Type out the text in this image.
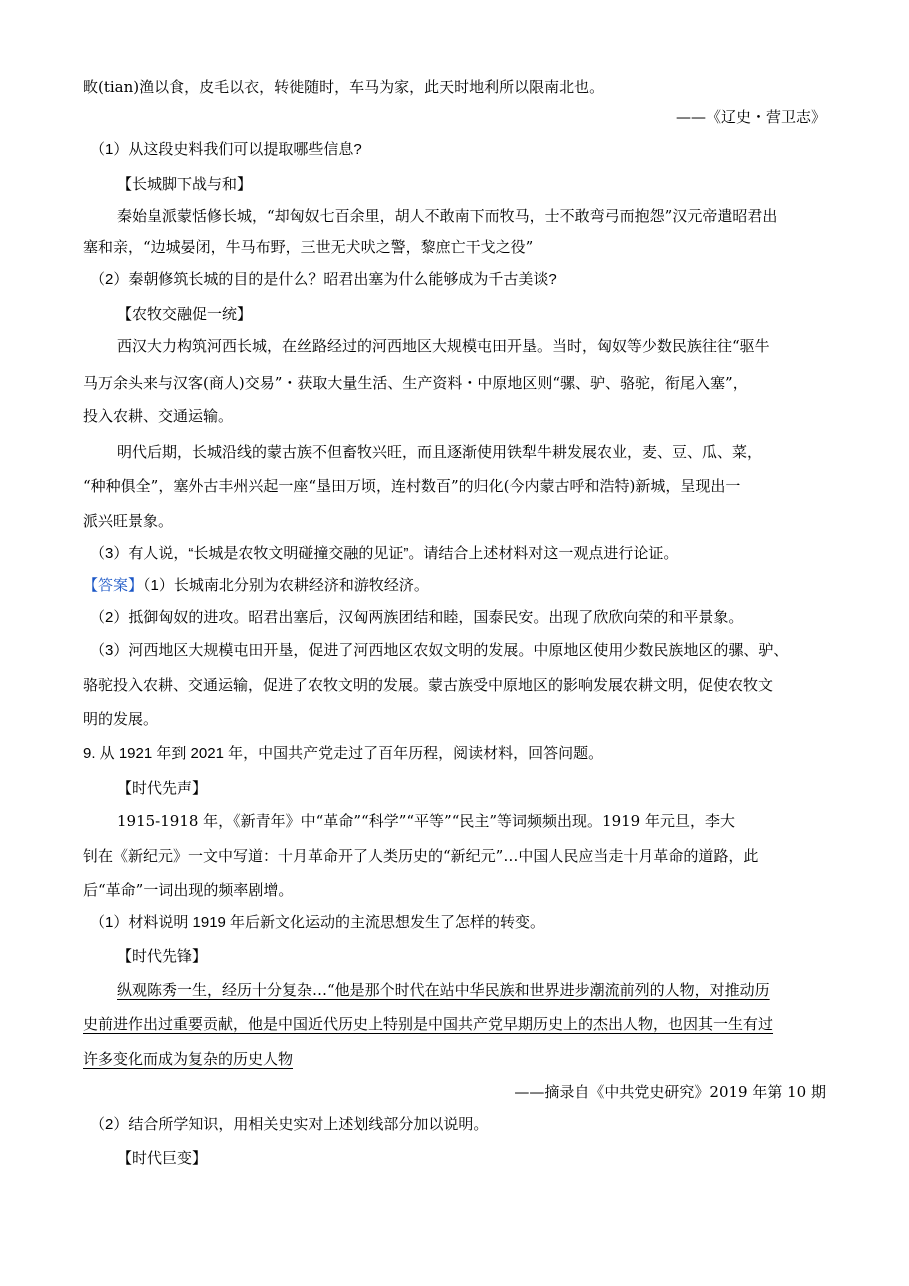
畋(tian)渔以食，皮毛以衣，转徙随时，车马为家，此天时地利所以限南北也。
——《辽史・营卫志》
（1）从这段史料我们可以提取哪些信息?
【长城脚下战与和】
秦始皇派蒙恬修长城，“却匈奴七百余里，胡人不敢南下而牧马，士不敢弯弓而抱怨”汉元帝遣昭君出
塞和亲，“边城晏闭，牛马布野，三世无犬吠之警，黎庶亡干戈之役”
（2）秦朝修筑长城的目的是什么？昭君出塞为什么能够成为千古美谈?
【农牧交融促一统】
西汉大力构筑河西长城，在丝路经过的河西地区大规模屯田开垦。当时，匈奴等少数民族往往“驱牛
马万余头来与汉客(商人)交易”・获取大量生活、生产资料・中原地区则“骡、驴、骆驼，衔尾入塞”，
投入农耕、交通运输。
明代后期，长城沿线的蒙古族不但畜牧兴旺，而且逐渐使用铁犁牛耕发展农业，麦、豆、瓜、菜，
“种种俱全”，塞外古丰州兴起一座“垦田万顷，连村数百”的归化(今内蒙古呼和浩特)新城，呈现出一
派兴旺景象。
（3）有人说，“长城是农牧文明碰撞交融的见证”。请结合上述材料对这一观点进行论证。
【答案】（1）长城南北分别为农耕经济和游牧经济。
（2）抵御匈奴的进攻。昭君出塞后，汉匈两族团结和睦，国泰民安。出现了欣欣向荣的和平景象。
（3）河西地区大规模屯田开垦，促进了河西地区农奴文明的发展。中原地区使用少数民族地区的骡、驴、
骆驼投入农耕、交通运输，促进了农牧文明的发展。蒙古族受中原地区的影响发展农耕文明，促使农牧文
明的发展。
9. 从 1921 年到 2021 年，中国共产党走过了百年历程，阅读材料，回答问题。
【时代先声】
1915-1918 年，《新青年》中“革命”“科学”“平等”“民主”等词频频出现。1919 年元旦，李大
钊在《新纪元》一文中写道：十月革命开了人类历史的“新纪元”…中国人民应当走十月革命的道路，此
后“革命”一词出现的频率剧增。
（1）材料说明 1919 年后新文化运动的主流思想发生了怎样的转变。
【时代先锋】
纵观陈秀一生，经历十分复杂…“他是那个时代在站中华民族和世界进步潮流前列的人物，对推动历
史前进作出过重要贡献，他是中国近代历史上特别是中国共产党早期历史上的杰出人物，也因其一生有过
许多变化而成为复杂的历史人物
——摘录自《中共党史研究》2019 年第 10 期
（2）结合所学知识，用相关史实对上述划线部分加以说明。
【时代巨变】
